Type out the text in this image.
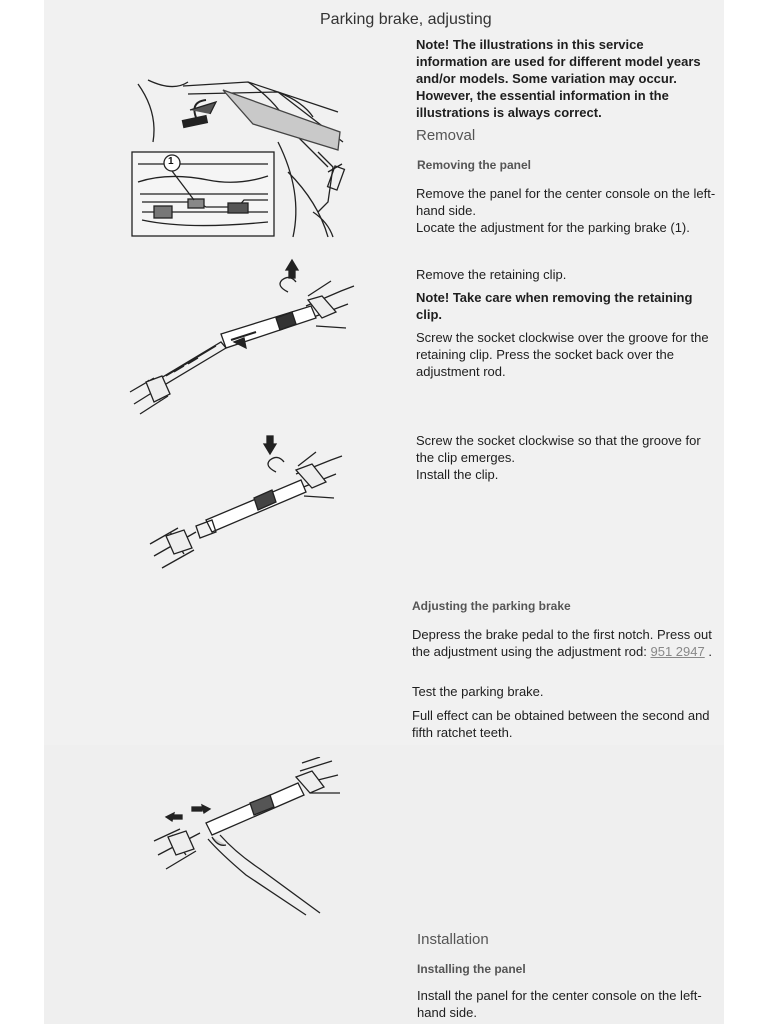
Parking brake, adjusting
1

Note! The illustrations in this service information are used for different model years and/or models. Some variation may occur. However, the essential information in the illustrations is always correct.

Removal
Removing the panel

Remove the panel for the center console on the left-hand side.

Locate the adjustment for the parking brake (1).

Remove the retaining clip.

Note! Take care when removing the retaining clip.

Screw the socket clockwise over the groove for the retaining clip. Press the socket back over the adjustment rod.

Screw the socket clockwise so that the groove for the clip emerges.

Install the clip.

Adjusting the parking brake

Depress the brake pedal to the first notch. Press out the adjustment using the adjustment rod: 951 2947 .

Test the parking brake.

Full effect can be obtained between the second and fifth ratchet teeth.

Installation
Installing the panel

Install the panel for the center console on the left-hand side.
